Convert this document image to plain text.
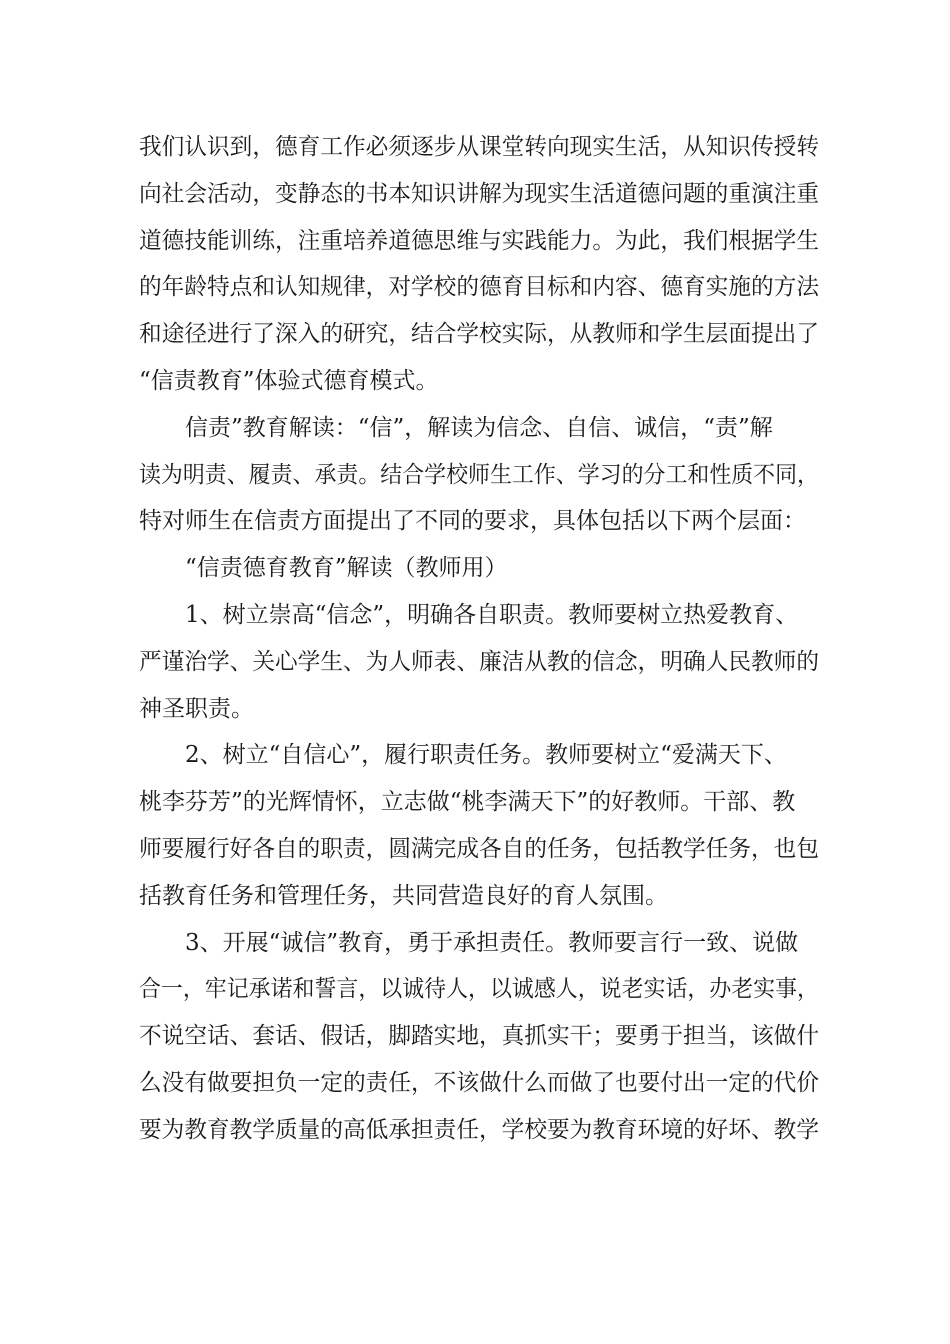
我们认识到，德育工作必须逐步从课堂转向现实生活，从知识传授转
向社会活动，变静态的书本知识讲解为现实生活道德问题的重演注重
道德技能训练，注重培养道德思维与实践能力。为此，我们根据学生
的年龄特点和认知规律，对学校的德育目标和内容、德育实施的方法
和途径进行了深入的研究，结合学校实际，从教师和学生层面提出了
“信责教育”体验式德育模式。
信责”教育解读：“信”，解读为信念、自信、诚信，“责”解
读为明责、履责、承责。结合学校师生工作、学习的分工和性质不同，
特对师生在信责方面提出了不同的要求，具体包括以下两个层面：
“信责德育教育”解读（教师用）
1、树立崇高“信念”，明确各自职责。教师要树立热爱教育、
严谨治学、关心学生、为人师表、廉洁从教的信念，明确人民教师的
神圣职责。
2、树立“自信心”，履行职责任务。教师要树立“爱满天下、
桃李芬芳”的光辉情怀，立志做“桃李满天下”的好教师。干部、教
师要履行好各自的职责，圆满完成各自的任务，包括教学任务，也包
括教育任务和管理任务，共同营造良好的育人氛围。
3、开展“诚信”教育，勇于承担责任。教师要言行一致、说做
合一，牢记承诺和誓言，以诚待人，以诚感人，说老实话，办老实事，
不说空话、套话、假话，脚踏实地，真抓实干；要勇于担当，该做什
么没有做要担负一定的责任，不该做什么而做了也要付出一定的代价
要为教育教学质量的高低承担责任，学校要为教育环境的好坏、教学
